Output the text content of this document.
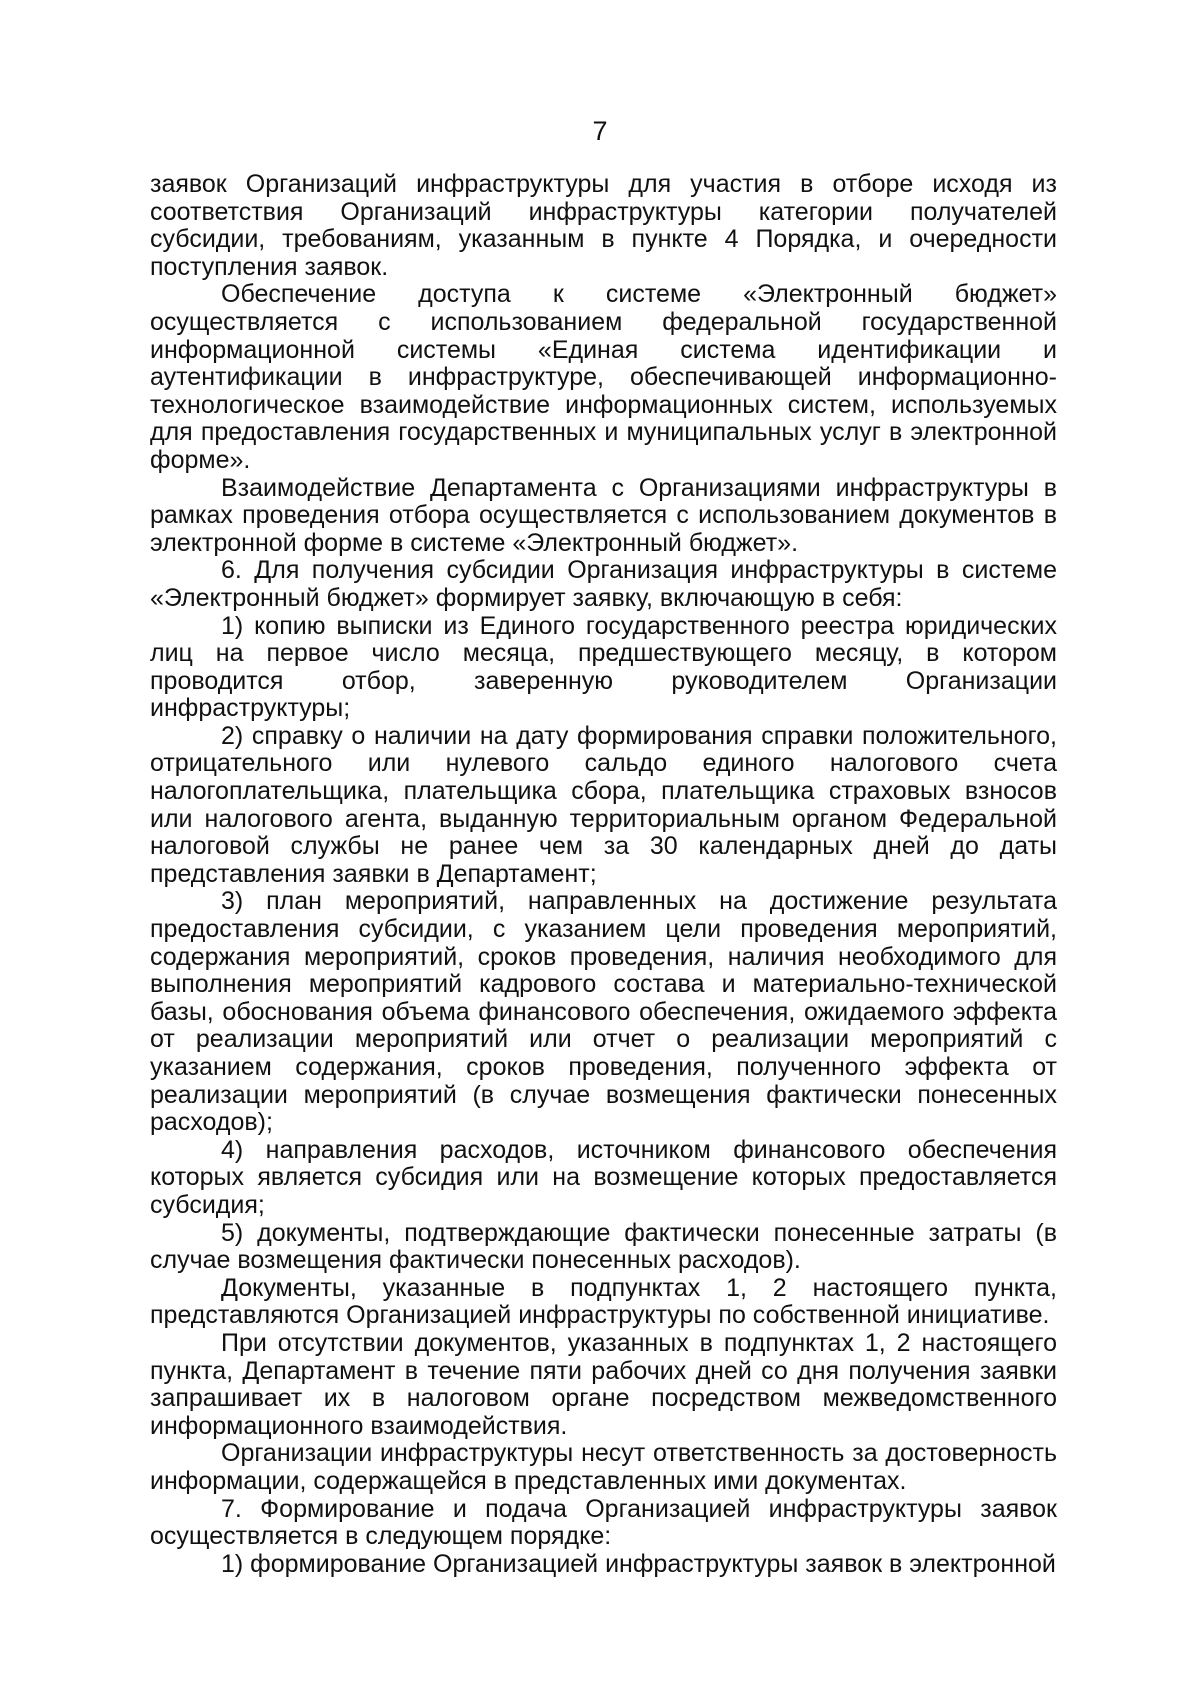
7

заявок Организаций инфраструктуры для участия в отборе исходя из соответствия Организаций инфраструктуры категории получателей субсидии, требованиям, указанным в пункте 4 Порядка, и очередности поступления заявок.

Обеспечение доступа к системе «Электронный бюджет» осуществляется с использованием федеральной государственной информационной системы «Единая система идентификации и аутентификации в инфраструктуре, обеспечивающей информационно-технологическое взаимодействие информационных систем, используемых для предоставления государственных и муниципальных услуг в электронной форме».

Взаимодействие Департамента с Организациями инфраструктуры в рамках проведения отбора осуществляется с использованием документов в электронной форме в системе «Электронный бюджет».

6. Для получения субсидии Организация инфраструктуры в системе «Электронный бюджет» формирует заявку, включающую в себя:

1) копию выписки из Единого государственного реестра юридических лиц на первое число месяца, предшествующего месяцу, в котором проводится отбор, заверенную руководителем Организации инфраструктуры;

2) справку о наличии на дату формирования справки положительного, отрицательного или нулевого сальдо единого налогового счета налогоплательщика, плательщика сбора, плательщика страховых взносов или налогового агента, выданную территориальным органом Федеральной налоговой службы не ранее чем за 30 календарных дней до даты представления заявки в Департамент;

3) план мероприятий, направленных на достижение результата предоставления субсидии, с указанием цели проведения мероприятий, содержания мероприятий, сроков проведения, наличия необходимого для выполнения мероприятий кадрового состава и материально-технической базы, обоснования объема финансового обеспечения, ожидаемого эффекта от реализации мероприятий или отчет о реализации мероприятий с указанием содержания, сроков проведения, полученного эффекта от реализации мероприятий (в случае возмещения фактически понесенных расходов);

4) направления расходов, источником финансового обеспечения которых является субсидия или на возмещение которых предоставляется субсидия;

5) документы, подтверждающие фактически понесенные затраты (в случае возмещения фактически понесенных расходов).

Документы, указанные в подпунктах 1, 2 настоящего пункта, представляются Организацией инфраструктуры по собственной инициативе.

При отсутствии документов, указанных в подпунктах 1, 2 настоящего пункта, Департамент в течение пяти рабочих дней со дня получения заявки запрашивает их в налоговом органе посредством межведомственного информационного взаимодействия.

Организации инфраструктуры несут ответственность за достоверность информации, содержащейся в представленных ими документах.

7. Формирование и подача Организацией инфраструктуры заявок осуществляется в следующем порядке:

1) формирование Организацией инфраструктуры заявок в электронной
